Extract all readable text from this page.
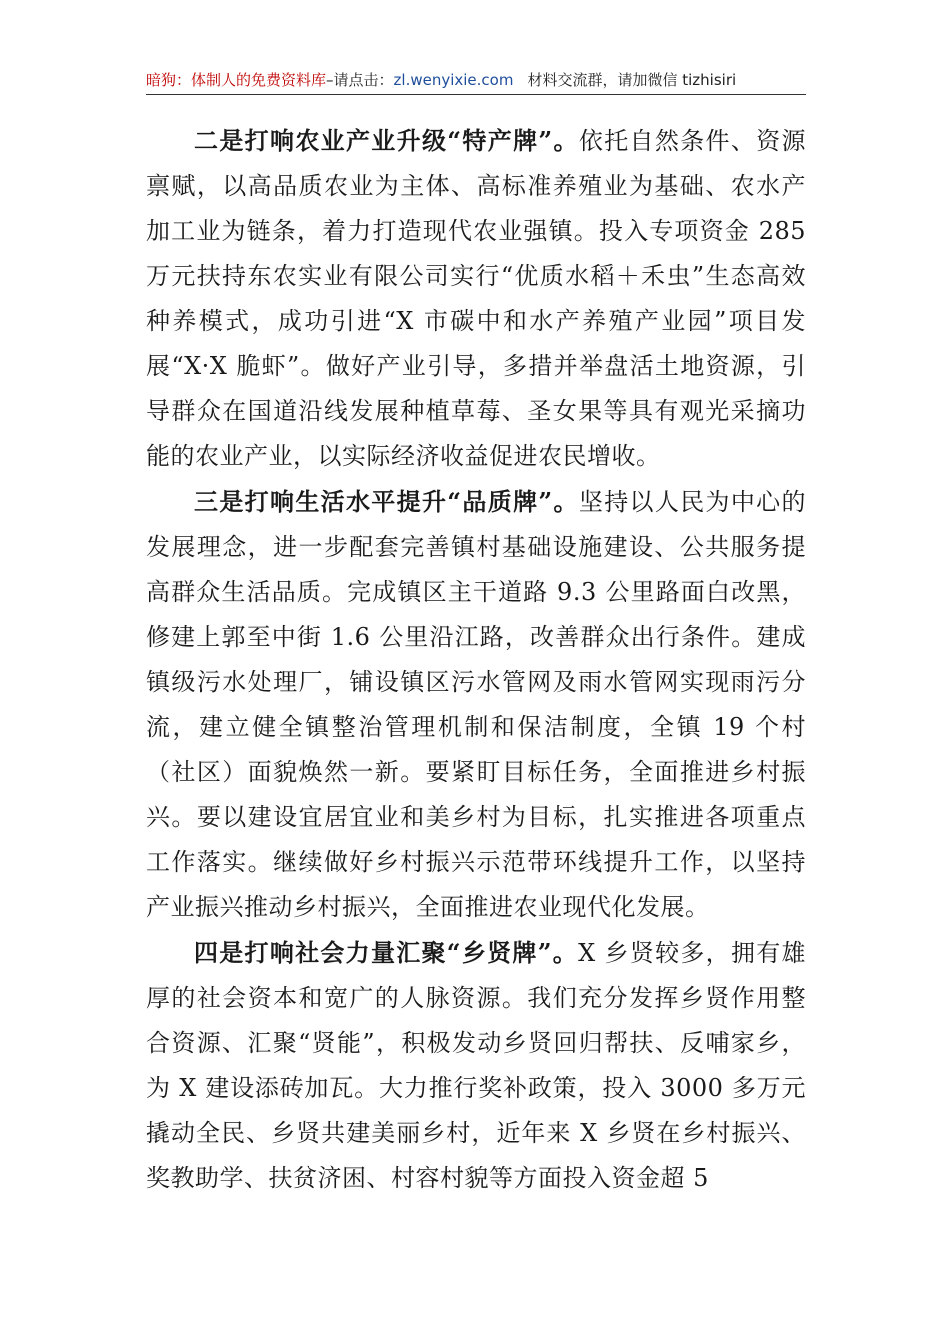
暗狗：体制人的免费资料库–请点击：zl.wenyixie.com 材料交流群，请加微信 tizhisiri

二是打响农业产业升级“特产牌”。依托自然条件、资源禀赋，以高品质农业为主体、高标准养殖业为基础、农水产加工业为链条，着力打造现代农业强镇。投入专项资金 285 万元扶持东农实业有限公司实行“优质水稻＋禾虫”生态高效种养模式，成功引进“X 市碳中和水产养殖产业园”项目发展“X·X 脆虾”。做好产业引导，多措并举盘活土地资源，引导群众在国道沿线发展种植草莓、圣女果等具有观光采摘功能的农业产业，以实际经济收益促进农民增收。

三是打响生活水平提升“品质牌”。坚持以人民为中心的发展理念，进一步配套完善镇村基础设施建设、公共服务提高群众生活品质。完成镇区主干道路 9.3 公里路面白改黑，修建上郭至中街 1.6 公里沿江路，改善群众出行条件。建成镇级污水处理厂，铺设镇区污水管网及雨水管网实现雨污分流，建立健全镇整治管理机制和保洁制度，全镇 19 个村（社区）面貌焕然一新。要紧盯目标任务，全面推进乡村振兴。要以建设宜居宜业和美乡村为目标，扎实推进各项重点工作落实。继续做好乡村振兴示范带环线提升工作，以坚持产业振兴推动乡村振兴，全面推进农业现代化发展。

四是打响社会力量汇聚“乡贤牌”。X 乡贤较多，拥有雄厚的社会资本和宽广的人脉资源。我们充分发挥乡贤作用整合资源、汇聚“贤能”，积极发动乡贤回归帮扶、反哺家乡，为 X 建设添砖加瓦。大力推行奖补政策，投入 3000 多万元撬动全民、乡贤共建美丽乡村，近年来 X 乡贤在乡村振兴、奖教助学、扶贫济困、村容村貌等方面投入资金超 5
